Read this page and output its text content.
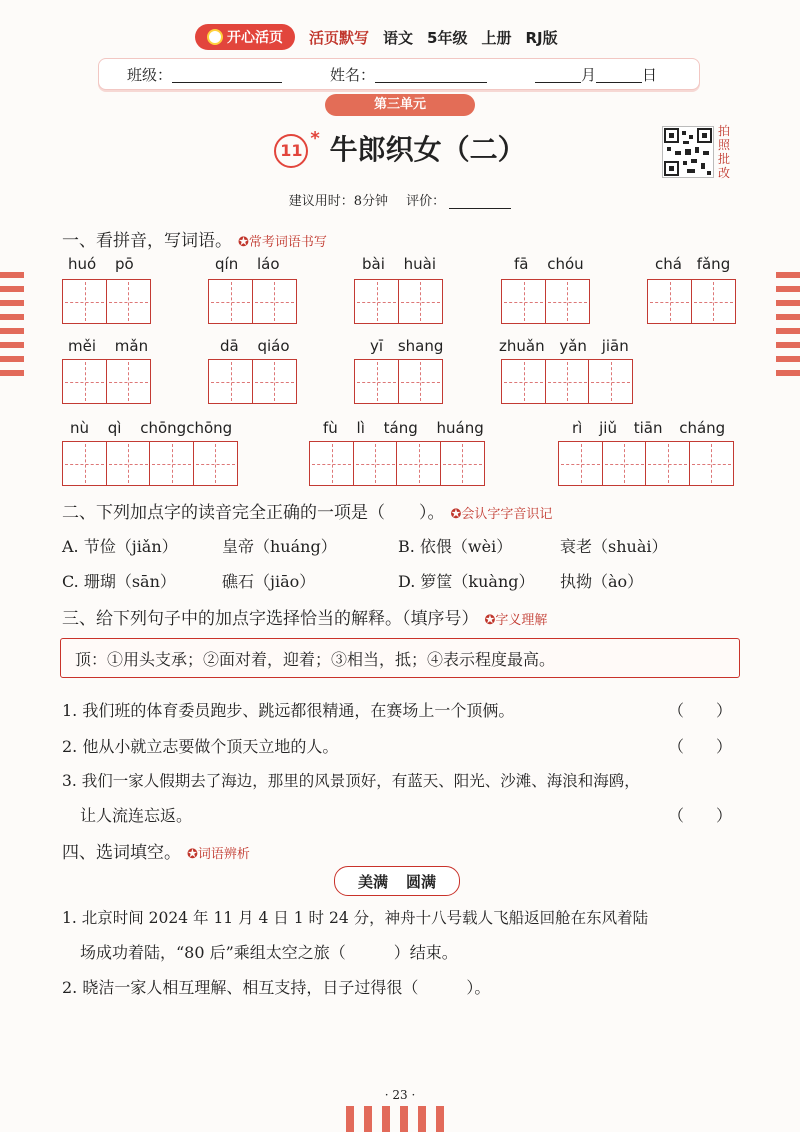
开心活页 活页默写 语文 5年级 上册 RJ版
班级：	姓名：	月	日
第三单元
11* 牛郎织女（二）
拍照批改
建议用时：8分钟 评价：
一、看拼音，写词语。 ✪常考词语书写
huó pō	qín láo	bài huài	fā chóu	chá fǎng
měi mǎn	dā qiáo	yī shang	zhuǎn yǎn jiān
nù qì chōngchōng	fù lì táng huáng	rì jiǔ tiān cháng
二、下列加点字的读音完全正确的一项是（　　）。 ✪会认字字音识记
A. 节俭（jiǎn）	皇帝（huáng）	B. 依偎（wèi）	衰老（shuài）
C. 珊瑚（sān）	礁石（jiāo）	D. 箩筐（kuàng） 执拗（ào）
三、给下列句子中的加点字选择恰当的解释。（填序号） ✪字义理解
顶：①用头支承；②面对着，迎着；③相当，抵；④表示程度最高。
1. 我们班的体育委员跑步、跳远都很精通，在赛场上一个顶俩。	（　　）
2. 他从小就立志要做个顶天立地的人。	（　　）
3. 我们一家人假期去了海边，那里的风景顶好，有蓝天、阳光、沙滩、海浪和海鸥，
让人流连忘返。	（　　）
四、选词填空。 ✪词语辨析
美满 圆满
1. 北京时间 2024 年 11 月 4 日 1 时 24 分，神舟十八号载人飞船返回舱在东风着陆
场成功着陆，“80 后”乘组太空之旅（　　　）结束。
2. 晓洁一家人相互理解、相互支持，日子过得很（　　　）。
· 23 ·
